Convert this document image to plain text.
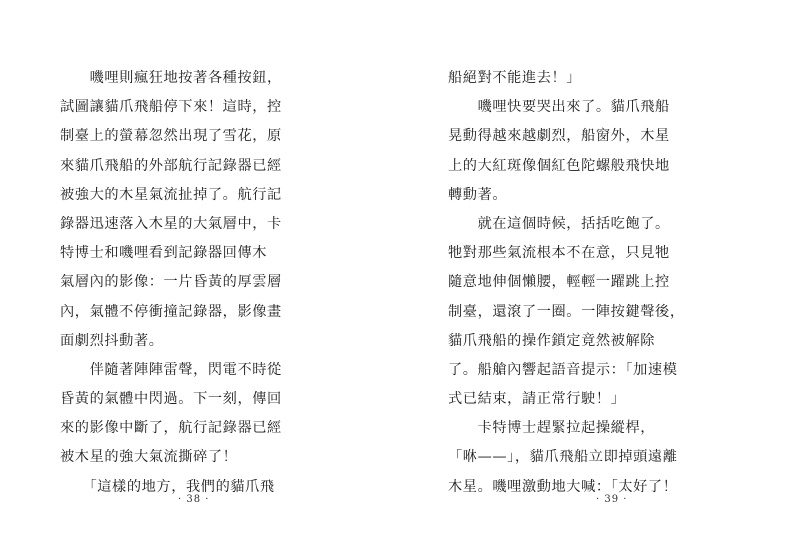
　　嘰哩則瘋狂地按著各種按鈕，
試圖讓貓爪飛船停下來！這時，控
制臺上的螢幕忽然出現了雪花，原
來貓爪飛船的外部航行記錄器已經
被強大的木星氣流扯掉了。航行記
錄器迅速落入木星的大氣層中，卡
特博士和嘰哩看到記錄器回傳木
氣層內的影像：一片昏黃的厚雲層
內，氣體不停衝撞記錄器，影像畫
面劇烈抖動著。
　　伴隨著陣陣雷聲，閃電不時從
昏黃的氣體中閃過。下一刻，傳回
來的影像中斷了，航行記錄器已經
被木星的強大氣流撕碎了！
　　「這樣的地方，我們的貓爪飛
· 38 ·
船絕對不能進去！」
　　嘰哩快要哭出來了。貓爪飛船
晃動得越來越劇烈，船窗外，木星
上的大紅斑像個紅色陀螺般飛快地
轉動著。
　　就在這個時候，括括吃飽了。
牠對那些氣流根本不在意，只見牠
隨意地伸個懶腰，輕輕一躍跳上控
制臺，還滾了一圈。一陣按鍵聲後，
貓爪飛船的操作鎖定竟然被解除
了。船艙內響起語音提示：「加速模
式已結束，請正常行駛！」
　　卡特博士趕緊拉起操縱桿，
「咻——」，貓爪飛船立即掉頭遠離
木星。嘰哩激動地大喊：「太好了！
· 39 ·
